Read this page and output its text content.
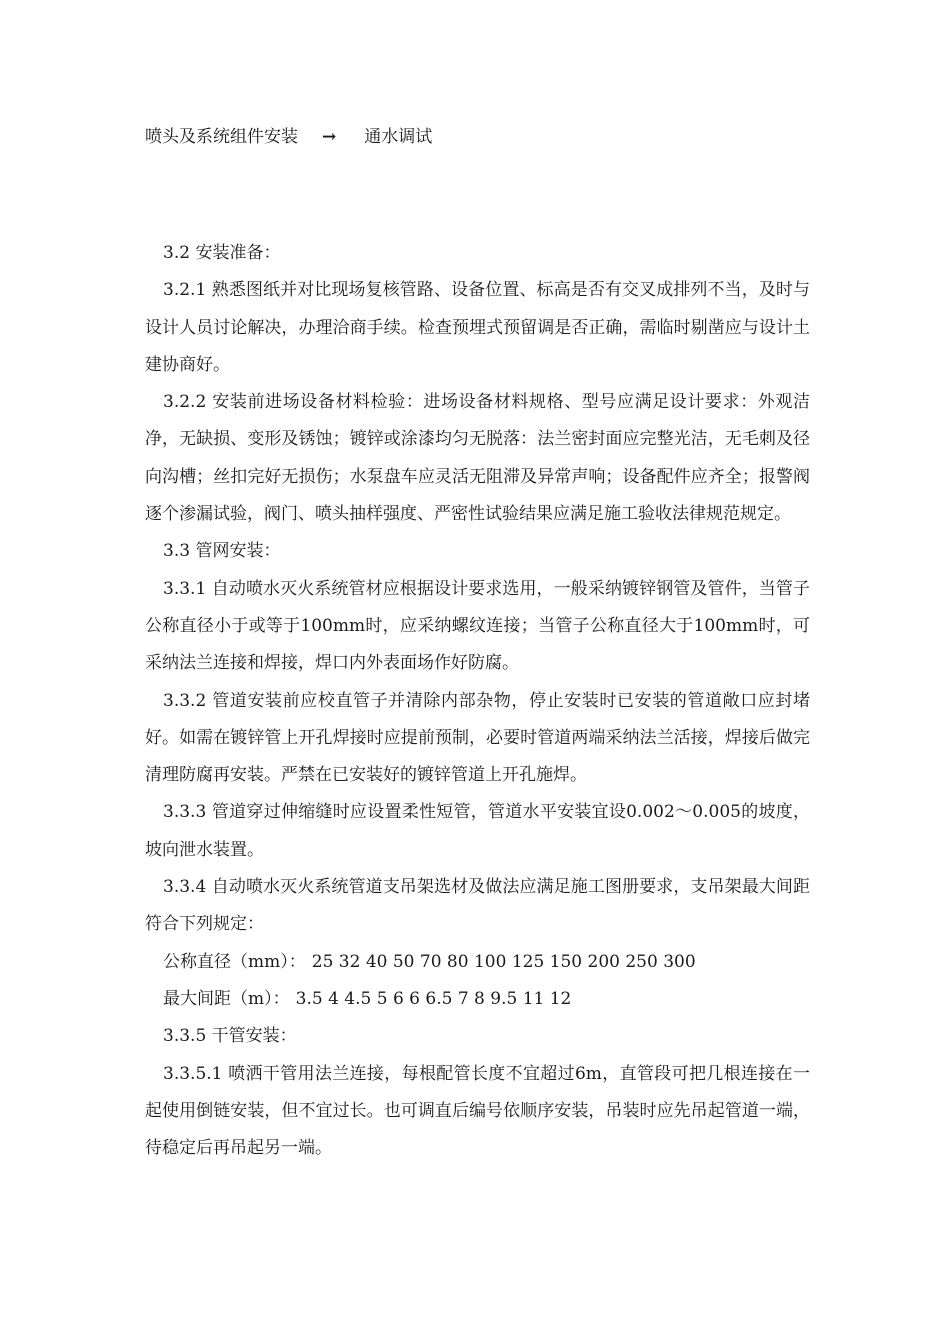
喷头及系统组件安装 → 通水调试

3.2 安装准备：

3.2.1 熟悉图纸并对比现场复核管路、设备位置、标高是否有交叉成排列不当，及时与设计人员讨论解决，办理洽商手续。检查预埋式预留调是否正确，需临时剔凿应与设计土建协商好。

3.2.2 安装前进场设备材料检验：进场设备材料规格、型号应满足设计要求：外观洁净，无缺损、变形及锈蚀；镀锌或涂漆均匀无脱落：法兰密封面应完整光洁，无毛刺及径向沟槽；丝扣完好无损伤；水泵盘车应灵活无阻滞及异常声响；设备配件应齐全；报警阀逐个渗漏试验，阀门、喷头抽样强度、严密性试验结果应满足施工验收法律规范规定。

3.3 管网安装：

3.3.1 自动喷水灭火系统管材应根据设计要求选用，一般采纳镀锌钢管及管件，当管子公称直径小于或等于100mm时，应采纳螺纹连接；当管子公称直径大于100mm时，可采纳法兰连接和焊接，焊口内外表面场作好防腐。

3.3.2 管道安装前应校直管子并清除内部杂物，停止安装时已安装的管道敞口应封堵好。如需在镀锌管上开孔焊接时应提前预制，必要时管道两端采纳法兰活接，焊接后做完清理防腐再安装。严禁在已安装好的镀锌管道上开孔施焊。

3.3.3 管道穿过伸缩缝时应设置柔性短管，管道水平安装宜设0.002～0.005的坡度，坡向泄水装置。

3.3.4 自动喷水灭火系统管道支吊架选材及做法应满足施工图册要求，支吊架最大间距符合下列规定：

公称直径（mm）： 25 32 40 50 70 80 100 125 150 200 250 300

最大间距（m）： 3.5 4 4.5 5 6 6 6.5 7 8 9.5 11 12

3.3.5 干管安装：

3.3.5.1 喷洒干管用法兰连接，每根配管长度不宜超过6m，直管段可把几根连接在一起使用倒链安装，但不宜过长。也可调直后编号依顺序安装，吊装时应先吊起管道一端，待稳定后再吊起另一端。
